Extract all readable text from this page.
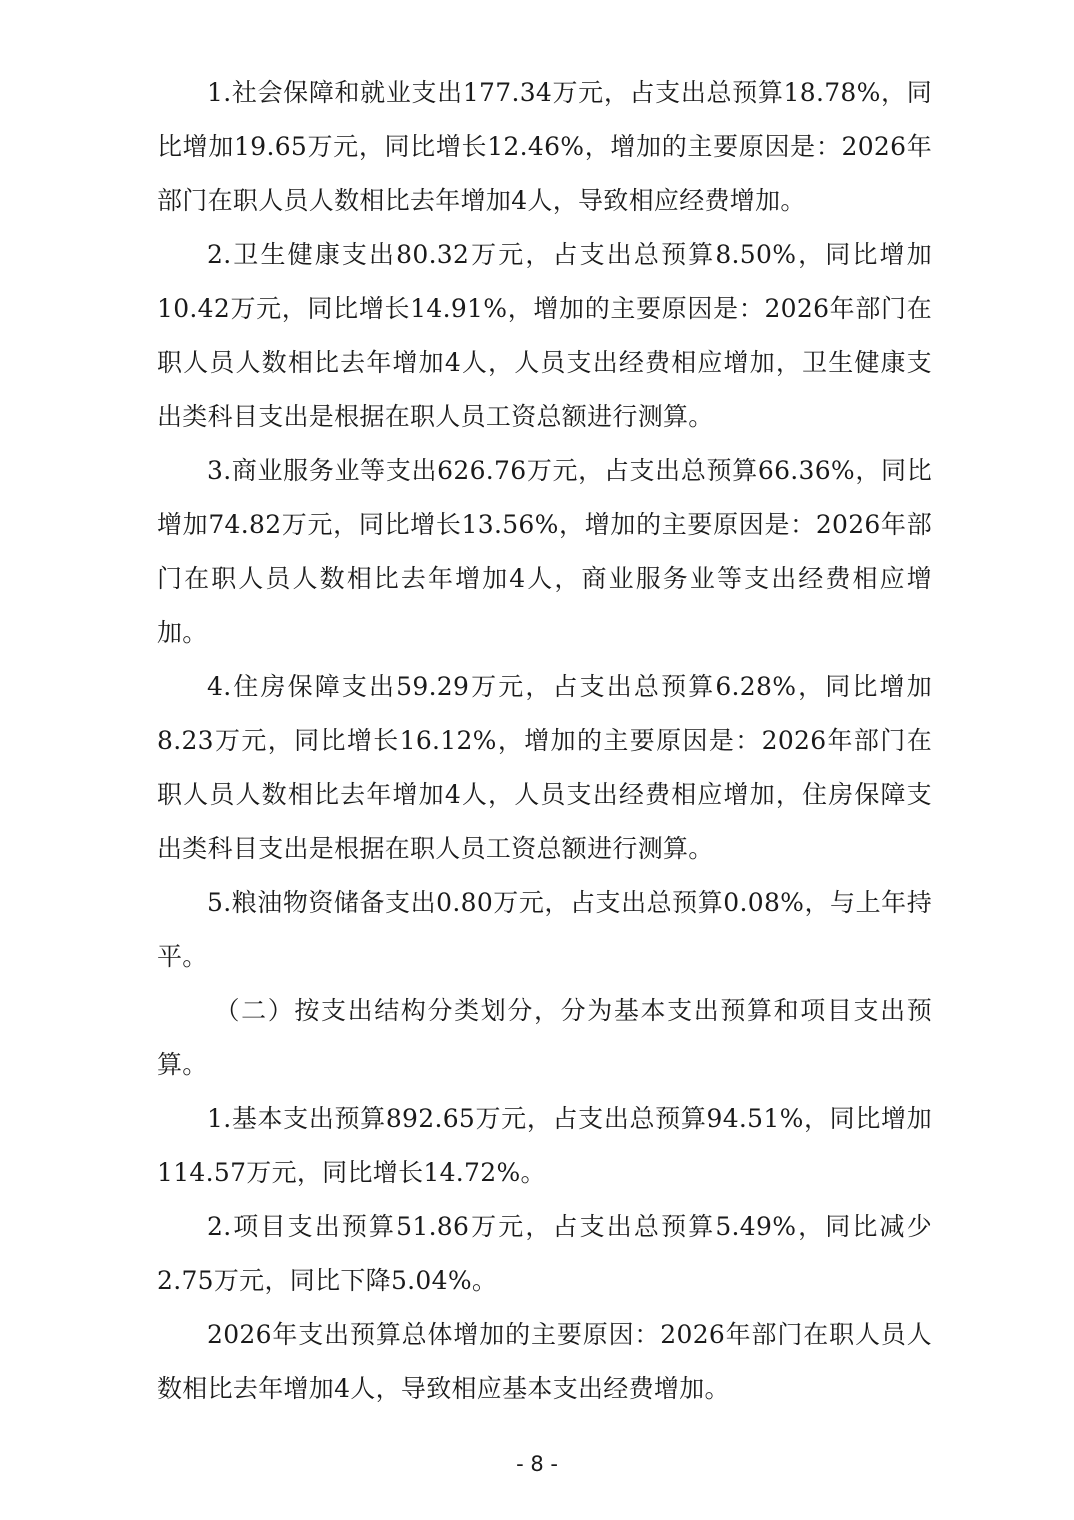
1.社会保障和就业支出177.34万元，占支出总预算18.78%，同比增加19.65万元，同比增长12.46%，增加的主要原因是：2026年部门在职人员人数相比去年增加4人，导致相应经费增加。

2.卫生健康支出80.32万元，占支出总预算8.50%，同比增加10.42万元，同比增长14.91%，增加的主要原因是：2026年部门在职人员人数相比去年增加4人，人员支出经费相应增加，卫生健康支出类科目支出是根据在职人员工资总额进行测算。

3.商业服务业等支出626.76万元，占支出总预算66.36%，同比增加74.82万元，同比增长13.56%，增加的主要原因是：2026年部门在职人员人数相比去年增加4人，商业服务业等支出经费相应增加。

4.住房保障支出59.29万元，占支出总预算6.28%，同比增加8.23万元，同比增长16.12%，增加的主要原因是：2026年部门在职人员人数相比去年增加4人，人员支出经费相应增加，住房保障支出类科目支出是根据在职人员工资总额进行测算。

5.粮油物资储备支出0.80万元，占支出总预算0.08%，与上年持平。

（二）按支出结构分类划分，分为基本支出预算和项目支出预算。

1.基本支出预算892.65万元，占支出总预算94.51%，同比增加114.57万元，同比增长14.72%。

2.项目支出预算51.86万元，占支出总预算5.49%，同比减少2.75万元，同比下降5.04%。

2026年支出预算总体增加的主要原因：2026年部门在职人员人数相比去年增加4人，导致相应基本支出经费增加。

- 8 -
